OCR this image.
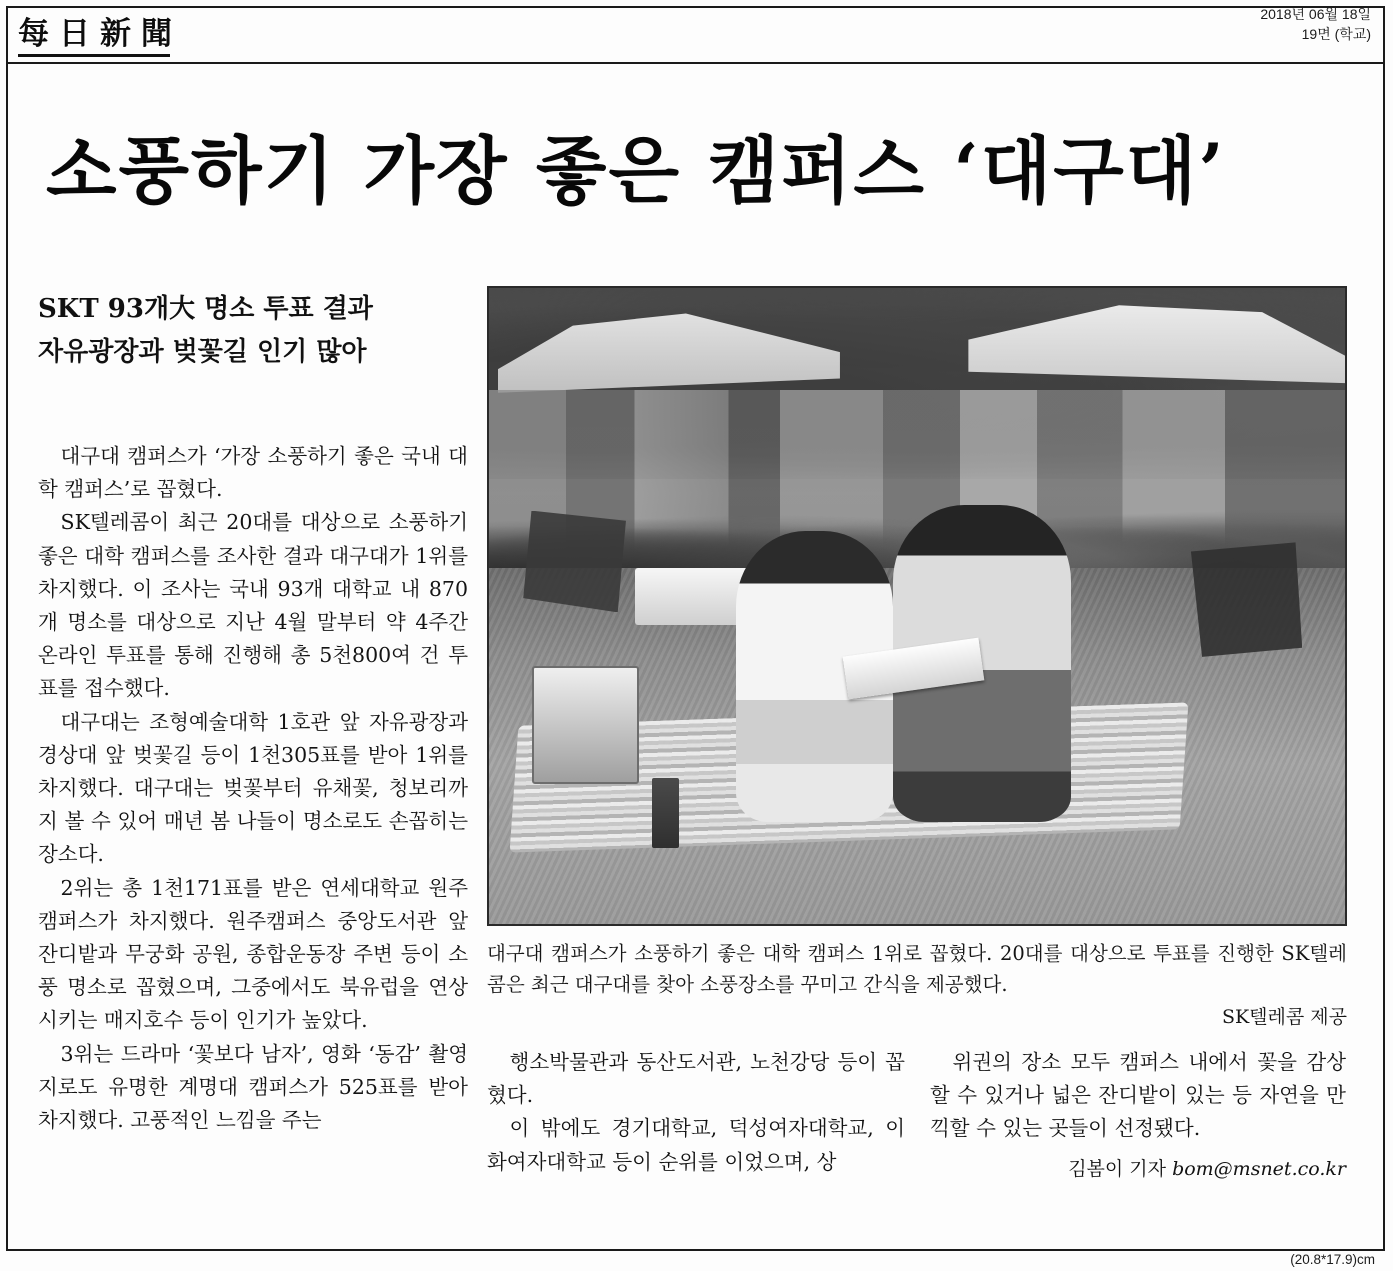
每日新聞
2018년 06월 18일
19면 (학교)
소풍하기 가장 좋은 캠퍼스 ‘대구대’
SKT 93개大 명소 투표 결과
자유광장과 벚꽃길 인기 많아

대구대 캠퍼스가 ‘가장 소풍하기 좋은 국내 대학 캠퍼스’로 꼽혔다.

SK텔레콤이 최근 20대를 대상으로 소풍하기 좋은 대학 캠퍼스를 조사한 결과 대구대가 1위를 차지했다. 이 조사는 국내 93개 대학교 내 870개 명소를 대상으로 지난 4월 말부터 약 4주간 온라인 투표를 통해 진행해 총 5천800여 건 투표를 접수했다.

대구대는 조형예술대학 1호관 앞 자유광장과 경상대 앞 벚꽃길 등이 1천305표를 받아 1위를 차지했다. 대구대는 벚꽃부터 유채꽃, 청보리까지 볼 수 있어 매년 봄 나들이 명소로도 손꼽히는 장소다.

2위는 총 1천171표를 받은 연세대학교 원주캠퍼스가 차지했다. 원주캠퍼스 중앙도서관 앞 잔디밭과 무궁화 공원, 종합운동장 주변 등이 소풍 명소로 꼽혔으며, 그중에서도 북유럽을 연상시키는 매지호수 등이 인기가 높았다.

3위는 드라마 ‘꽃보다 남자’, 영화 ‘동감’ 촬영지로도 유명한 계명대 캠퍼스가 525표를 받아 차지했다. 고풍적인 느낌을 주는

대구대 캠퍼스가 소풍하기 좋은 대학 캠퍼스 1위로 꼽혔다. 20대를 대상으로 투표를 진행한 SK텔레콤은 최근 대구대를 찾아 소풍장소를 꾸미고 간식을 제공했다.
SK텔레콤 제공

행소박물관과 동산도서관, 노천강당 등이 꼽혔다.

이 밖에도 경기대학교, 덕성여자대학교, 이화여자대학교 등이 순위를 이었으며, 상

위권의 장소 모두 캠퍼스 내에서 꽃을 감상할 수 있거나 넓은 잔디밭이 있는 등 자연을 만끽할 수 있는 곳들이 선정됐다.

김봄이 기자 bom@msnet.co.kr
(20.8*17.9)cm
